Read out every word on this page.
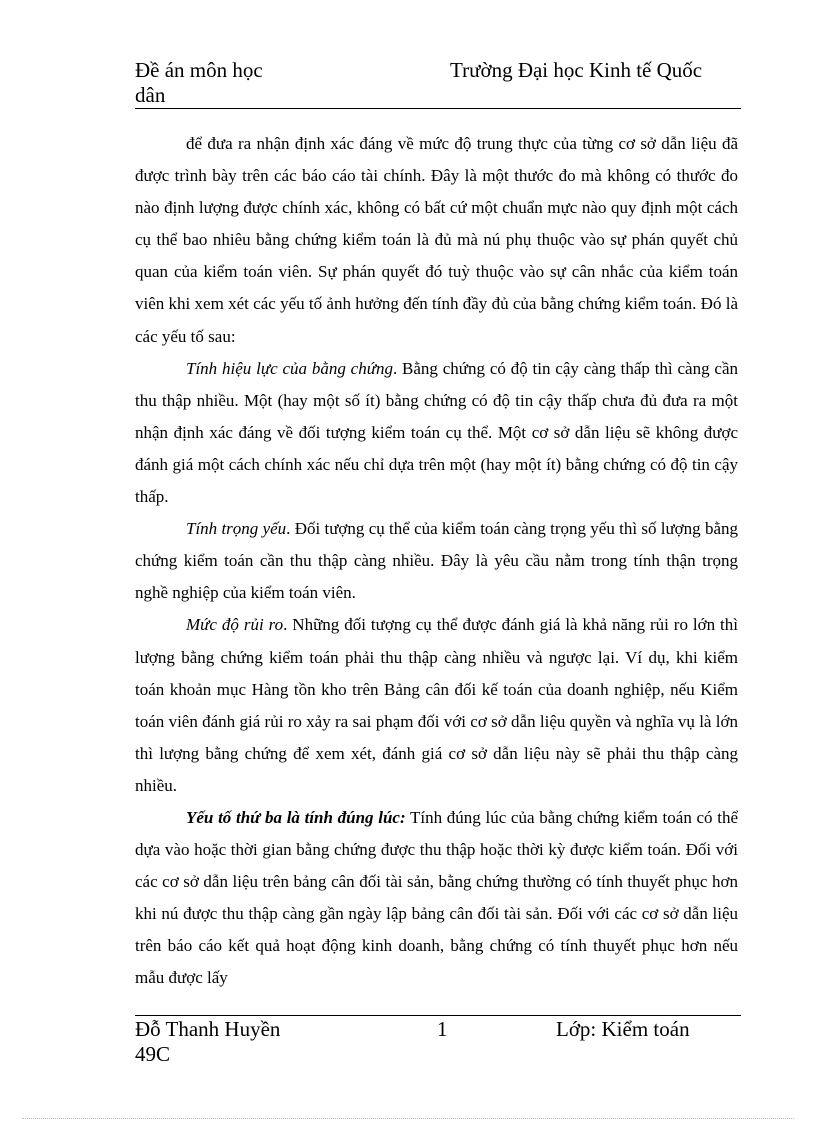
Đề án môn học
dân
Trường Đại học Kinh tế Quốc

để đưa ra nhận định xác đáng về mức độ trung thực của từng cơ sở dẫn liệu đã được trình bày trên các báo cáo tài chính. Đây là một thước đo mà không có thước đo nào định lượng được chính xác, không có bất cứ một chuẩn mực nào quy định một cách cụ thể bao nhiêu bằng chứng kiểm toán là đủ mà nú phụ thuộc vào sự phán quyết chủ quan của kiểm toán viên. Sự phán quyết đó tuỳ thuộc vào sự cân nhắc của kiểm toán viên khi xem xét các yếu tố ảnh hưởng đến tính đầy đủ của bằng chứng kiểm toán. Đó là các yếu tố sau:

Tính hiệu lực của bằng chứng. Bằng chứng có độ tin cậy càng thấp thì càng cần thu thập nhiều. Một (hay một số ít) bằng chứng có độ tin cậy thấp chưa đủ đưa ra một nhận định xác đáng về đối tượng kiểm toán cụ thể. Một cơ sở dẫn liệu sẽ không được đánh giá một cách chính xác nếu chỉ dựa trên một (hay một ít) bằng chứng có độ tin cậy thấp.

Tính trọng yếu. Đối tượng cụ thể của kiểm toán càng trọng yếu thì số lượng bằng chứng kiểm toán cần thu thập càng nhiều. Đây là yêu cầu nằm trong tính thận trọng nghề nghiệp của kiểm toán viên.

Mức độ rủi ro. Những đối tượng cụ thể được đánh giá là khả năng rủi ro lớn thì lượng bằng chứng kiểm toán phải thu thập càng nhiều và ngược lại. Ví dụ, khi kiểm toán khoản mục Hàng tồn kho trên Bảng cân đối kế toán của doanh nghiệp, nếu Kiểm toán viên đánh giá rủi ro xảy ra sai phạm đối với cơ sở dẫn liệu quyền và nghĩa vụ là lớn thì lượng bằng chứng để xem xét, đánh giá cơ sở dẫn liệu này sẽ phải thu thập càng nhiều.

Yếu tố thứ ba là tính đúng lúc: Tính đúng lúc của bằng chứng kiểm toán có thể dựa vào hoặc thời gian bằng chứng được thu thập hoặc thời kỳ được kiểm toán. Đối với các cơ sở dẫn liệu trên bảng cân đối tài sản, bằng chứng thường có tính thuyết phục hơn khi nú được thu thập càng gần ngày lập bảng cân đối tài sản. Đối với các cơ sở dẫn liệu trên báo cáo kết quả hoạt động kinh doanh, bằng chứng có tính thuyết phục hơn nếu mẫu được lấy

Đỗ Thanh Huyền
49C
1	Lớp: Kiểm toán
